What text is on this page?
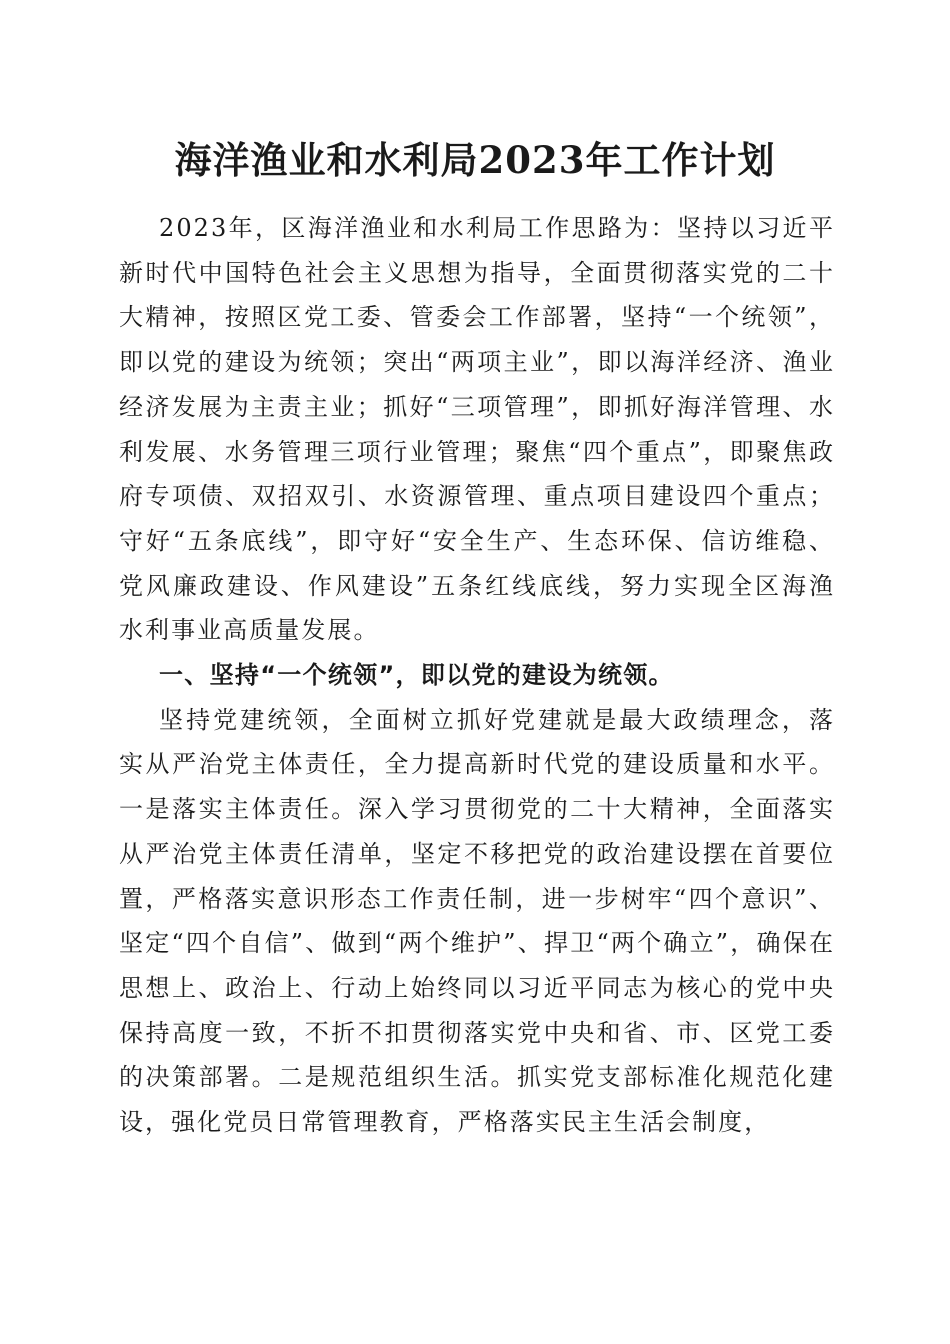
海洋渔业和水利局2023年工作计划

2023年，区海洋渔业和水利局工作思路为：坚持以习近平新时代中国特色社会主义思想为指导，全面贯彻落实党的二十大精神，按照区党工委、管委会工作部署，坚持“一个统领”，即以党的建设为统领；突出“两项主业”，即以海洋经济、渔业经济发展为主责主业；抓好“三项管理”，即抓好海洋管理、水利发展、水务管理三项行业管理；聚焦“四个重点”，即聚焦政府专项债、双招双引、水资源管理、重点项目建设四个重点；守好“五条底线”，即守好“安全生产、生态环保、信访维稳、党风廉政建设、作风建设”五条红线底线，努力实现全区海渔水利事业高质量发展。

一、坚持“一个统领”，即以党的建设为统领。

坚持党建统领，全面树立抓好党建就是最大政绩理念，落实从严治党主体责任，全力提高新时代党的建设质量和水平。一是落实主体责任。深入学习贯彻党的二十大精神，全面落实从严治党主体责任清单，坚定不移把党的政治建设摆在首要位置，严格落实意识形态工作责任制，进一步树牢“四个意识”、坚定“四个自信”、做到“两个维护”、捍卫“两个确立”，确保在思想上、政治上、行动上始终同以习近平同志为核心的党中央保持高度一致，不折不扣贯彻落实党中央和省、市、区党工委的决策部署。二是规范组织生活。抓实党支部标准化规范化建设，强化党员日常管理教育，严格落实民主生活会制度，
